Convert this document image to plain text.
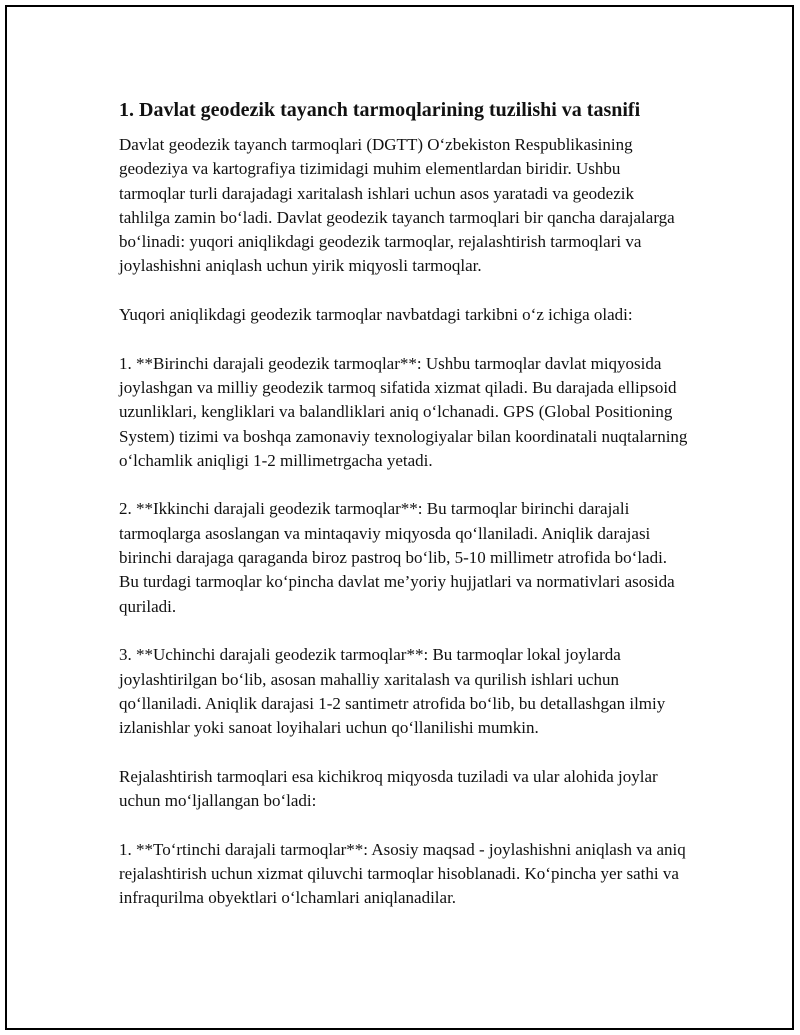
1. Davlat geodezik tayanch tarmoqlarining tuzilishi va tasnifi

Davlat geodezik tayanch tarmoqlari (DGTT) O‘zbekiston Respublikasining geodeziya va kartografiya tizimidagi muhim elementlardan biridir. Ushbu tarmoqlar turli darajadagi xaritalash ishlari uchun asos yaratadi va geodezik tahlilga zamin bo‘ladi. Davlat geodezik tayanch tarmoqlari bir qancha darajalarga bo‘linadi: yuqori aniqlikdagi geodezik tarmoqlar, rejalashtirish tarmoqlari va joylashishni aniqlash uchun yirik miqyosli tarmoqlar.

Yuqori aniqlikdagi geodezik tarmoqlar navbatdagi tarkibni o‘z ichiga oladi:

1. **Birinchi darajali geodezik tarmoqlar**: Ushbu tarmoqlar davlat miqyosida joylashgan va milliy geodezik tarmoq sifatida xizmat qiladi. Bu darajada ellipsoid uzunliklari, kengliklari va balandliklari aniq o‘lchanadi. GPS (Global Positioning System) tizimi va boshqa zamonaviy texnologiyalar bilan koordinatali nuqtalarning o‘lchamlik aniqligi 1-2 millimetrgacha yetadi.

2. **Ikkinchi darajali geodezik tarmoqlar**: Bu tarmoqlar birinchi darajali tarmoqlarga asoslangan va mintaqaviy miqyosda qo‘llaniladi. Aniqlik darajasi birinchi darajaga qaraganda biroz pastroq bo‘lib, 5-10 millimetr atrofida bo‘ladi. Bu turdagi tarmoqlar ko‘pincha davlat me’yoriy hujjatlari va normativlari asosida quriladi.

3. **Uchinchi darajali geodezik tarmoqlar**: Bu tarmoqlar lokal joylarda joylashtirilgan bo‘lib, asosan mahalliy xaritalash va qurilish ishlari uchun qo‘llaniladi. Aniqlik darajasi 1-2 santimetr atrofida bo‘lib, bu detallashgan ilmiy izlanishlar yoki sanoat loyihalari uchun qo‘llanilishi mumkin.

Rejalashtirish tarmoqlari esa kichikroq miqyosda tuziladi va ular alohida joylar uchun mo‘ljallangan bo‘ladi:

1. **To‘rtinchi darajali tarmoqlar**: Asosiy maqsad - joylashishni aniqlash va aniq rejalashtirish uchun xizmat qiluvchi tarmoqlar hisoblanadi. Ko‘pincha yer sathi va infraqurilma obyektlari o‘lchamlari aniqlanadilar.
